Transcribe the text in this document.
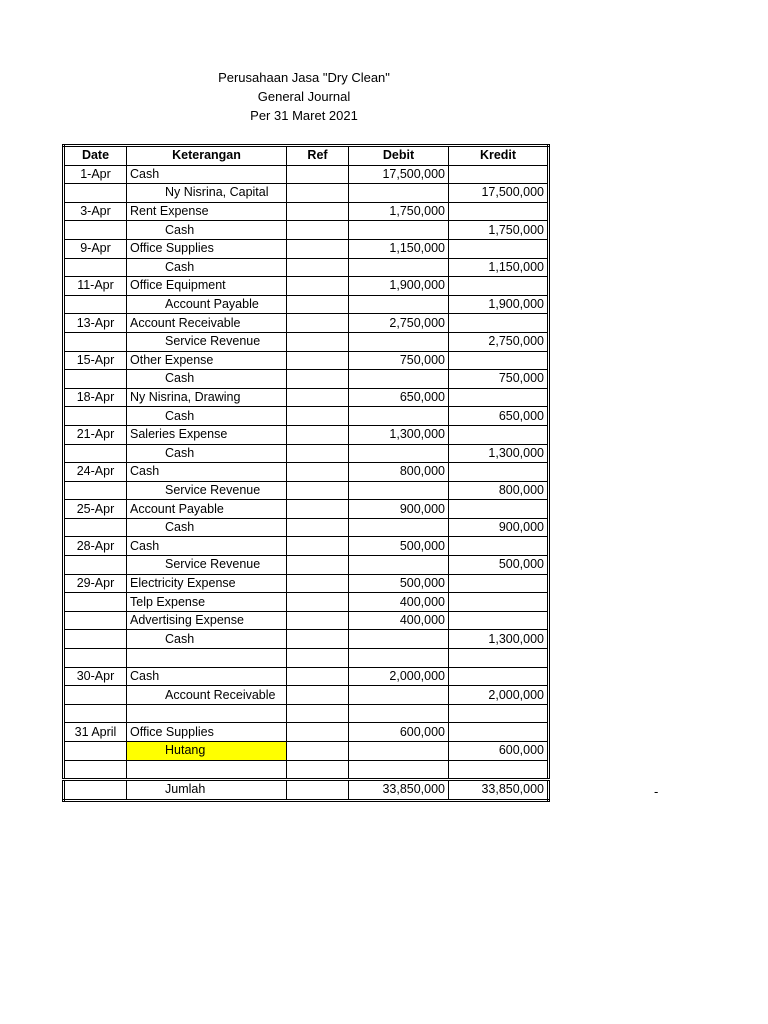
Perusahaan Jasa "Dry Clean"
General Journal
Per 31 Maret 2021
Date	Keterangan	Ref	Debit	Kredit
1-Apr	Cash		17,500,000	
	Ny Nisrina, Capital			17,500,000
3-Apr	Rent Expense		1,750,000	
	Cash			1,750,000
9-Apr	Office Supplies		1,150,000	
	Cash			1,150,000
11-Apr	Office Equipment		1,900,000	
	Account Payable			1,900,000
13-Apr	Account Receivable		2,750,000	
	Service Revenue			2,750,000
15-Apr	Other Expense		750,000	
	Cash			750,000
18-Apr	Ny Nisrina, Drawing		650,000	
	Cash			650,000
21-Apr	Saleries Expense		1,300,000	
	Cash			1,300,000
24-Apr	Cash		800,000	
	Service Revenue			800,000
25-Apr	Account Payable		900,000	
	Cash			900,000
28-Apr	Cash		500,000	
	Service Revenue			500,000
29-Apr	Electricity Expense		500,000	
	Telp Expense		400,000	
	Advertising Expense		400,000	
	Cash			1,300,000

30-Apr	Cash		2,000,000	
	Account Receivable			2,000,000

31 April	Office Supplies		600,000	
	Hutang			600,000

	Jumlah		33,850,000	33,850,000	-
